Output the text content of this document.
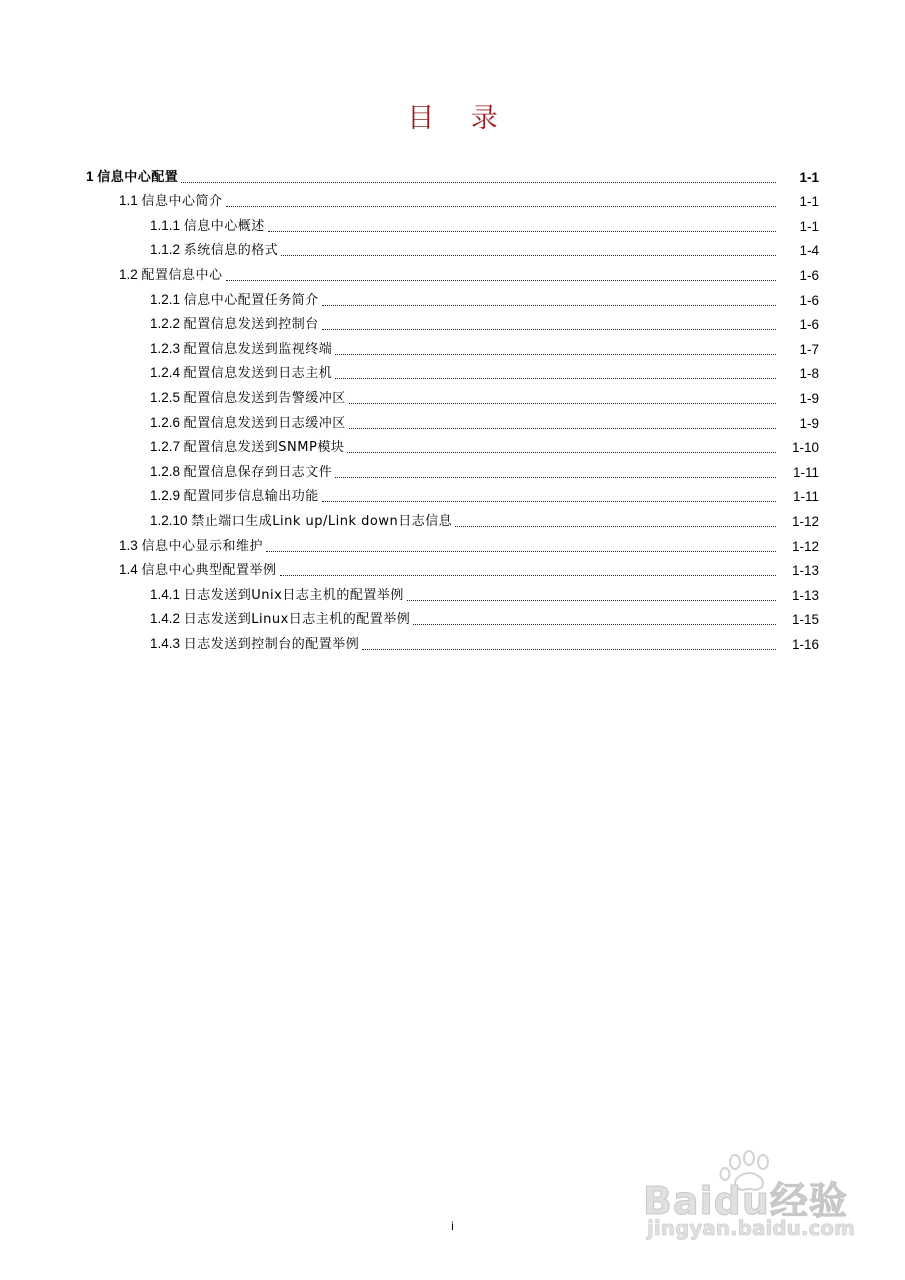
目 录
1 信息中心配置	1-1
1.1 信息中心简介	1-1
1.1.1 信息中心概述	1-1
1.1.2 系统信息的格式	1-4
1.2 配置信息中心	1-6
1.2.1 信息中心配置任务简介	1-6
1.2.2 配置信息发送到控制台	1-6
1.2.3 配置信息发送到监视终端	1-7
1.2.4 配置信息发送到日志主机	1-8
1.2.5 配置信息发送到告警缓冲区	1-9
1.2.6 配置信息发送到日志缓冲区	1-9
1.2.7 配置信息发送到SNMP模块	1-10
1.2.8 配置信息保存到日志文件	1-11
1.2.9 配置同步信息输出功能	1-11
1.2.10 禁止端口生成Link up/Link down日志信息	1-12
1.3 信息中心显示和维护	1-12
1.4 信息中心典型配置举例	1-13
1.4.1 日志发送到Unix日志主机的配置举例	1-13
1.4.2 日志发送到Linux日志主机的配置举例	1-15
1.4.3 日志发送到控制台的配置举例	1-16
i
Baidu经验
jingyan.baidu.com
